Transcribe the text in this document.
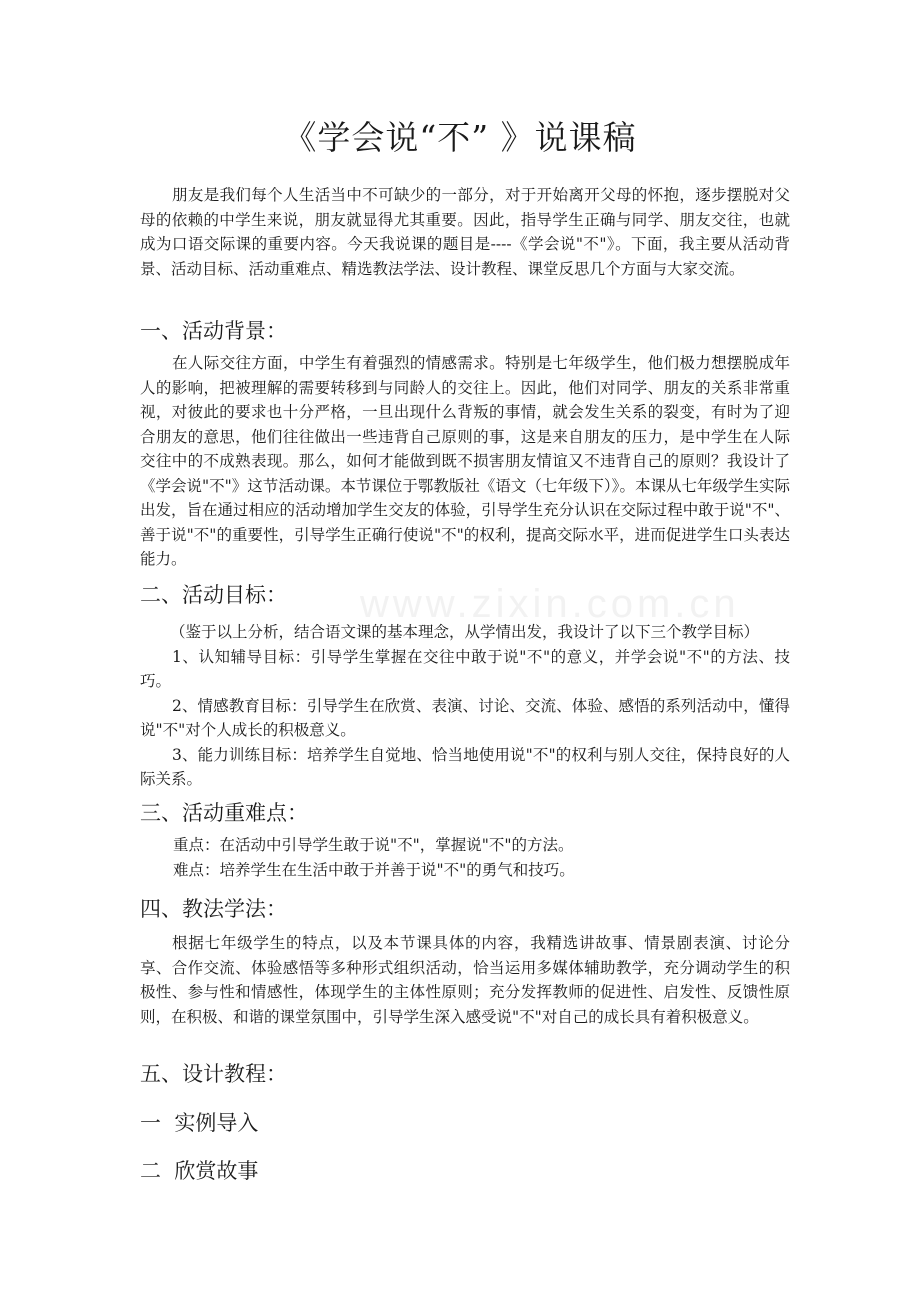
www.zixin.com.cn
《学会说“不” 》说课稿

朋友是我们每个人生活当中不可缺少的一部分，对于开始离开父母的怀抱，逐步摆脱对父母的依赖的中学生来说，朋友就显得尤其重要。因此，指导学生正确与同学、朋友交往，也就成为口语交际课的重要内容。今天我说课的题目是----《学会说"不"》。下面，我主要从活动背景、活动目标、活动重难点、精选教法学法、设计教程、课堂反思几个方面与大家交流。

一、活动背景：

在人际交往方面，中学生有着强烈的情感需求。特别是七年级学生，他们极力想摆脱成年人的影响，把被理解的需要转移到与同龄人的交往上。因此，他们对同学、朋友的关系非常重视，对彼此的要求也十分严格，一旦出现什么背叛的事情，就会发生关系的裂变，有时为了迎合朋友的意思，他们往往做出一些违背自己原则的事，这是来自朋友的压力，是中学生在人际交往中的不成熟表现。那么，如何才能做到既不损害朋友情谊又不违背自己的原则？我设计了《学会说"不"》这节活动课。本节课位于鄂教版社《语文（七年级下）》。本课从七年级学生实际出发，旨在通过相应的活动增加学生交友的体验，引导学生充分认识在交际过程中敢于说"不"、善于说"不"的重要性，引导学生正确行使说"不"的权利，提高交际水平，进而促进学生口头表达能力。

二、活动目标：

（鉴于以上分析，结合语文课的基本理念，从学情出发，我设计了以下三个教学目标）

1、认知辅导目标：引导学生掌握在交往中敢于说"不"的意义，并学会说"不"的方法、技巧。

2、情感教育目标：引导学生在欣赏、表演、讨论、交流、体验、感悟的系列活动中，懂得说"不"对个人成长的积极意义。

3、能力训练目标：培养学生自觉地、恰当地使用说"不"的权利与别人交往，保持良好的人际关系。

三、活动重难点：

重点：在活动中引导学生敢于说"不"，掌握说"不"的方法。

难点：培养学生在生活中敢于并善于说"不"的勇气和技巧。

四、教法学法：

根据七年级学生的特点，以及本节课具体的内容，我精选讲故事、情景剧表演、讨论分享、合作交流、体验感悟等多种形式组织活动，恰当运用多媒体辅助教学，充分调动学生的积极性、参与性和情感性，体现学生的主体性原则；充分发挥教师的促进性、启发性、反馈性原则，在积极、和谐的课堂氛围中，引导学生深入感受说"不"对自己的成长具有着积极意义。

五、设计教程：

一  实例导入

二  欣赏故事
